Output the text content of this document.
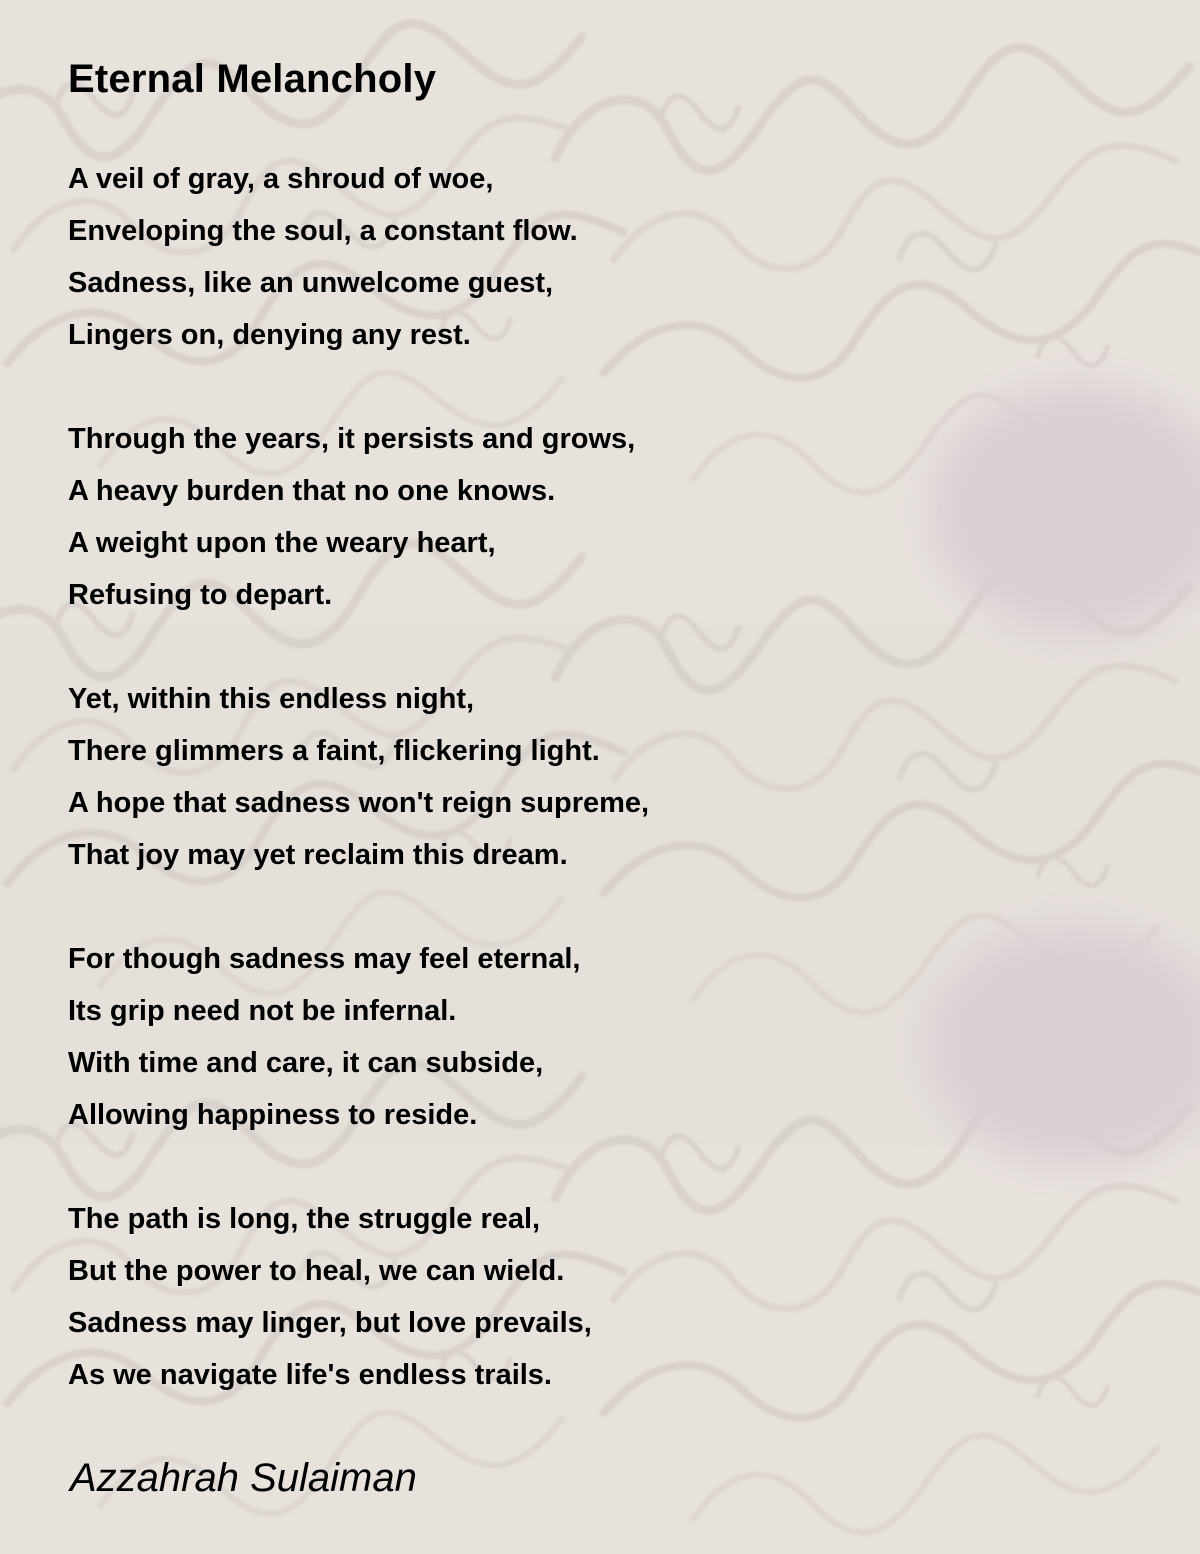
Eternal Melancholy
A veil of gray, a shroud of woe,
Enveloping the soul, a constant flow.
Sadness, like an unwelcome guest,
Lingers on, denying any rest.
Through the years, it persists and grows,
A heavy burden that no one knows.
A weight upon the weary heart,
Refusing to depart.
Yet, within this endless night,
There glimmers a faint, flickering light.
A hope that sadness won't reign supreme,
That joy may yet reclaim this dream.
For though sadness may feel eternal,
Its grip need not be infernal.
With time and care, it can subside,
Allowing happiness to reside.
The path is long, the struggle real,
But the power to heal, we can wield.
Sadness may linger, but love prevails,
As we navigate life's endless trails.
Azzahrah Sulaiman
